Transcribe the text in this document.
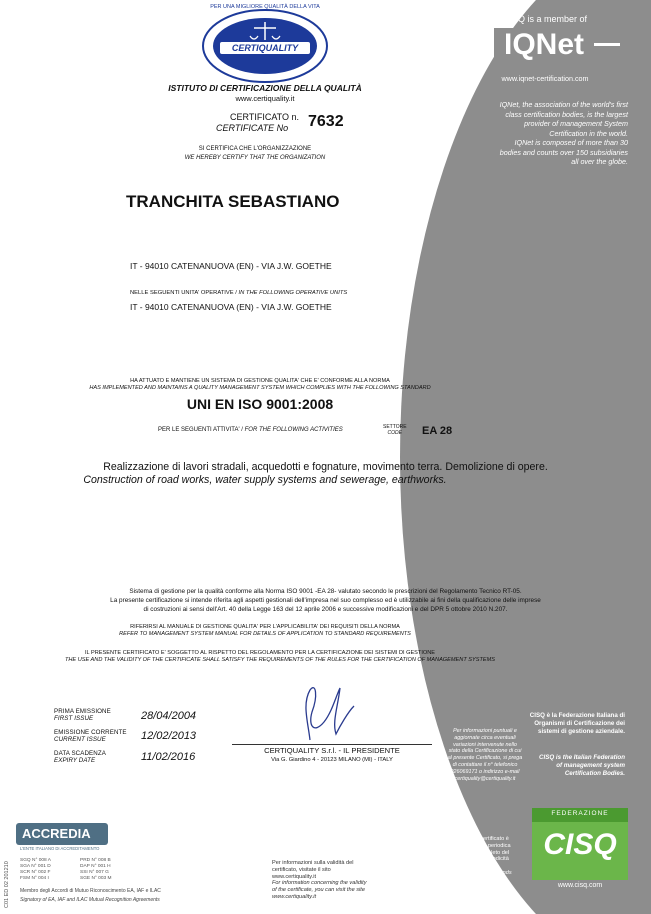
CERTIQUALITY
PER UNA MIGLIORE QUALITÀ DELLA VITA
ISTITUTO DI CERTIFICAZIONE DELLA QUALITÀ
www.certiquality.it
CERTIFICATO n.
CERTIFICATE No 7632
SI CERTIFICA CHE L'ORGANIZZAZIONE
WE HEREBY CERTIFY THAT THE ORGANIZATION
TRANCHITA SEBASTIANO
IT - 94010 CATENANUOVA (EN) - VIA J.W. GOETHE
NELLE SEGUENTI UNITA' OPERATIVE / IN THE FOLLOWING OPERATIVE UNITS
IT - 94010 CATENANUOVA (EN) - VIA J.W. GOETHE
HA ATTUATO E MANTIENE UN SISTEMA DI GESTIONE QUALITA' CHE E' CONFORME ALLA NORMA
HAS IMPLEMENTED AND MAINTAINS A QUALITY MANAGEMENT SYSTEM WHICH COMPLIES WITH THE FOLLOWING STANDARD
UNI EN ISO 9001:2008
PER LE SEGUENTI ATTIVITA' / FOR THE FOLLOWING ACTIVITIES	SETTORE
CODE	EA 28
Realizzazione di lavori stradali, acquedotti e fognature, movimento terra. Demolizione di opere.
Construction of road works, water supply systems and sewerage, earthworks.
Sistema di gestione per la qualità conforme alla Norma ISO 9001 -EA 28- valutato secondo le prescrizioni del Regolamento Tecnico RT-05.
La presente certificazione si intende riferita agli aspetti gestionali dell'impresa nel suo complesso ed è utilizzabile ai fini della qualificazione delle imprese
di costruzioni ai sensi dell'Art. 40 della Legge 163 del 12 aprile 2006 e successive modificazioni e del DPR 5 ottobre 2010 N.207.
RIFERIRSI AL MANUALE DI GESTIONE QUALITA' PER L'APPLICABILITA' DEI REQUISITI DELLA NORMA
REFER TO MANAGEMENT SYSTEM MANUAL FOR DETAILS OF APPLICATION TO STANDARD REQUIREMENTS
IL PRESENTE CERTIFICATO E' SOGGETTO AL RISPETTO DEL REGOLAMENTO PER LA CERTIFICAZIONE DEI SISTEMI DI GESTIONE
THE USE AND THE VALIDITY OF THE CERTIFICATE SHALL SATISFY THE REQUIREMENTS OF THE RULES FOR THE CERTIFICATION OF MANAGEMENT SYSTEMS
PRIMA EMISSIONE
FIRST ISSUE	28/04/2004
EMISSIONE CORRENTE
CURRENT ISSUE	12/02/2013
DATA SCADENZA
EXPIRY DATE	11/02/2016
CERTIQUALITY S.r.l. - IL PRESIDENTE
Via G. Giardino 4 - 20123 MILANO (MI) - ITALY
CISQ is a member of
IQNet
www.iqnet-certification.com
IQNet, the association of the world's first
class certification bodies, is the largest
provider of management System
Certification in the world.
IQNet is composed of more than 30
bodies and counts over 150 subsidiaries
all over the globe.
Per informazioni puntuali e
aggiornate circa eventuali
variazioni intervenute nello
stato della Certificazione di cui
al presente Certificato, si prega
di contattare il n° telefonico
026069171 o indirizzo e-mail
certiquality@certiquality.it
CISQ è la Federazione Italiana di
Organismi di Certificazione dei
sistemi di gestione aziendale.
CISQ is the Italian Federation
of management system
Certification Bodies.
ACCREDIA
L'ENTE ITALIANO DI ACCREDITAMENTO
SGQ N° 008 A
SGA N° 001 D
SCR N° 002 F
FSM N° 004 I
PRD N° 008 B
DAP N° 001 H
SSI N° 007 G
SGE N° 003 M
Membro degli Accordi di Mutuo Riconoscimento EA, IAF e ILAC
Signatory of EA, IAF and ILAC Mutual Recognition Agreements
C01 ED 02 201210	Per informazioni sulla validità del
certificato, visitate il sito
www.certiquality.it
For information concerning the validity
of the certificate, you can visit the site
www.certiquality.it
La validità del presente certificato è
subordinata a sorveglianza periodica
annuale ed al riesame completo del
Sistema di Gestione con periodicità
triennale
The validity of this certificate depends
on annual audit and on a complete
review every three years of the
Management System
FEDERAZIONE
CISQ
www.cisq.com
